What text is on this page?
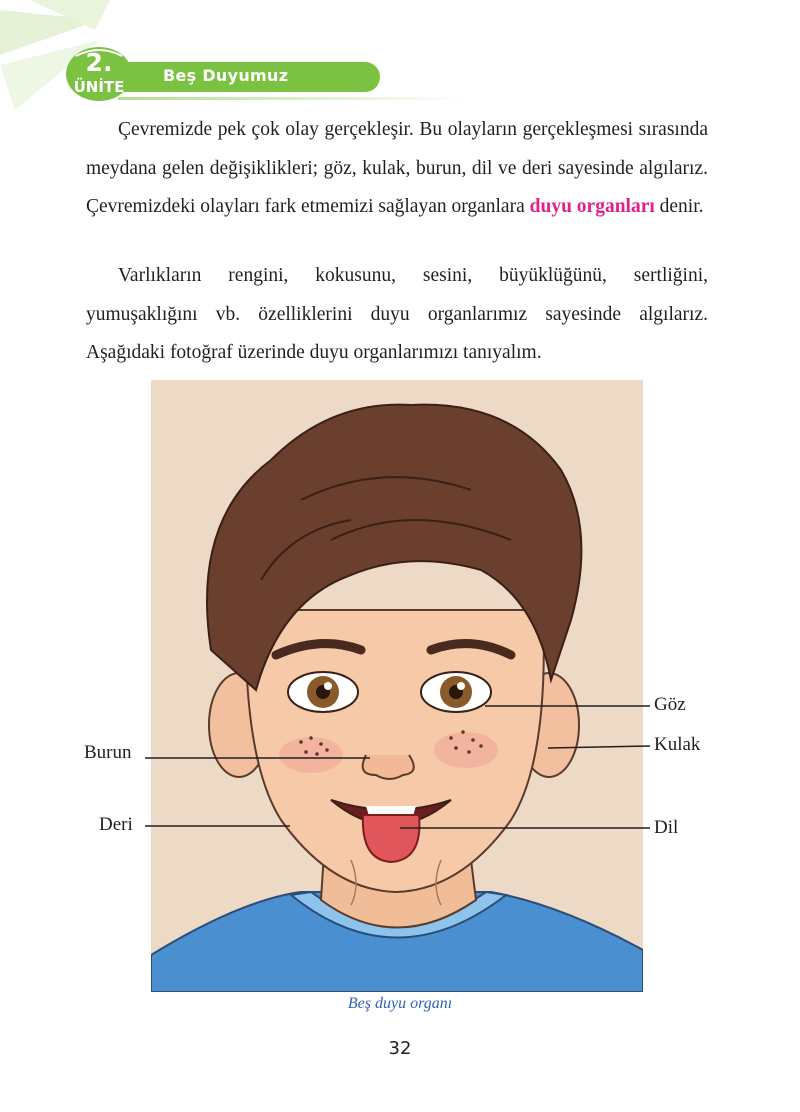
2.
ÜNİTE
Beş Duyumuz
Çevremizde pek çok olay gerçekleşir. Bu olayların gerçekleşmesi sırasında meydana gelen değişiklikleri; göz, kulak, burun, dil ve deri sayesinde algılarız. Çevremizdeki olayları fark etmemizi sağlayan organlara duyu organları denir.
Varlıkların rengini, kokusunu, sesini, büyüklüğünü, sertliğini, yumuşaklığını vb. özelliklerini duyu organlarımız sayesinde algılarız. Aşağıdaki fotoğraf üzerinde duyu organlarımızı tanıyalım.
Göz
Kulak
Burun
Deri	Dil
Beş duyu organı
32
